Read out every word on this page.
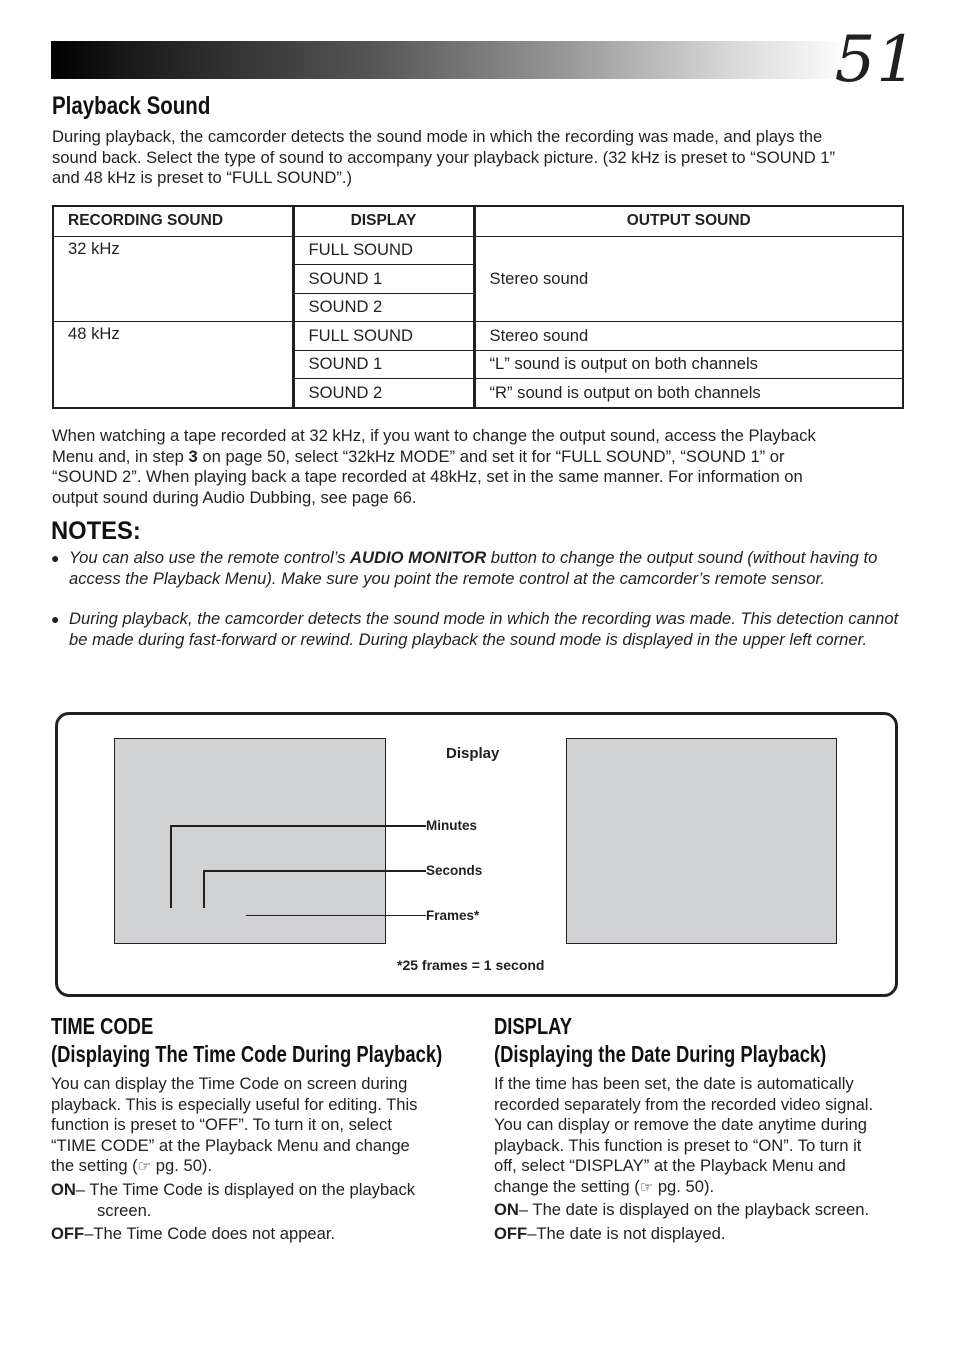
51
Playback Sound
During playback, the camcorder detects the sound mode in which the recording was made, and plays the
sound back. Select the type of sound to accompany your playback picture. (32 kHz is preset to “SOUND 1”
and 48 kHz is preset to “FULL SOUND”.)
RECORDING SOUND	DISPLAY	OUTPUT SOUND
32 kHz	FULL SOUND	Stereo sound
	SOUND 1	
	SOUND 2	
48 kHz	FULL SOUND	Stereo sound
	SOUND 1	“L” sound is output on both channels
	SOUND 2	“R” sound is output on both channels
When watching a tape recorded at 32 kHz, if you want to change the output sound, access the Playback
Menu and, in step 3 on page 50, select “32kHz MODE” and set it for “FULL SOUND”, “SOUND 1” or
“SOUND 2”. When playing back a tape recorded at 48kHz, set in the same manner. For information on
output sound during Audio Dubbing, see page 66.
NOTES:
● You can also use the remote control’s AUDIO MONITOR button to change the output sound (without having to access the Playback Menu). Make sure you point the remote control at the camcorder’s remote sensor.
● During playback, the camcorder detects the sound mode in which the recording was made. This detection cannot be made during fast-forward or rewind. During playback the sound mode is displayed in the upper left corner.
Display
Minutes
Seconds
Frames*
*25 frames = 1 second
TIME CODE
(Displaying The Time Code During Playback)
You can display the Time Code on screen during
playback. This is especially useful for editing. This
function is preset to “OFF”. To turn it on, select
“TIME CODE” at the Playback Menu and change
the setting (☞ pg. 50).
ON– The Time Code is displayed on the playback
screen.
OFF–The Time Code does not appear.
DISPLAY
(Displaying the Date During Playback)
If the time has been set, the date is automatically
recorded separately from the recorded video signal.
You can display or remove the date anytime during
playback. This function is preset to “ON”. To turn it
off, select “DISPLAY” at the Playback Menu and
change the setting (☞ pg. 50).
ON– The date is displayed on the playback screen.
OFF–The date is not displayed.
